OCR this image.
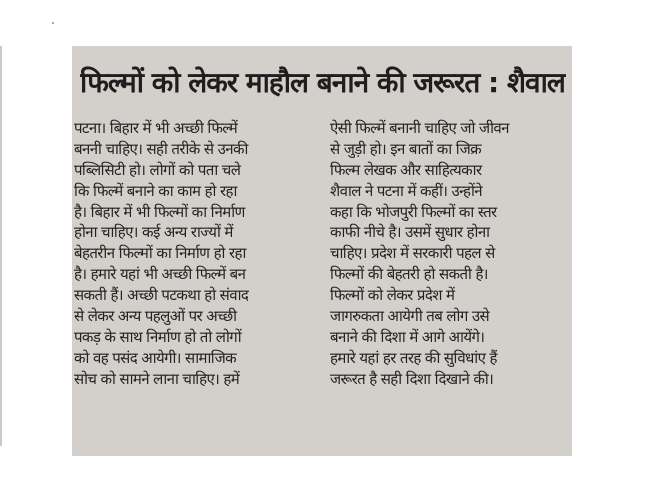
फिल्मों को लेकर माहौल बनाने की जरूरत : शैवाल
पटना। बिहार में भी अच्छी फिल्में
बननी चाहिए। सही तरीके से उनकी
पब्लिसिटी हो। लोगों को पता चले
कि फिल्में बनाने का काम हो रहा
है। बिहार में भी फिल्मों का निर्माण
होना चाहिए। कई अन्य राज्यों में
बेहतरीन फिल्मों का निर्माण हो रहा
है। हमारे यहां भी अच्छी फिल्में बन
सकती हैं। अच्छी पटकथा हो संवाद
से लेकर अन्य पहलुओं पर अच्छी
पकड़ के साथ निर्माण हो तो लोगों
को वह पसंद आयेगी। सामाजिक
सोच को सामने लाना चाहिए। हमें
ऐसी फिल्में बनानी चाहिए जो जीवन
से जुड़ी हो। इन बातों का जिक्र
फिल्म लेखक और साहित्यकार
शैवाल ने पटना में कहीं। उन्होंने
कहा कि भोजपुरी फिल्मों का स्तर
काफी नीचे है। उसमें सुधार होना
चाहिए। प्रदेश में सरकारी पहल से
फिल्मों की बेहतरी हो सकती है।
फिल्मों को लेकर प्रदेश में
जागरुकता आयेगी तब लोग उसे
बनाने की दिशा में आगे आयेंगे।
हमारे यहां हर तरह की सुविधांए हैं
जरूरत है सही दिशा दिखाने की।
